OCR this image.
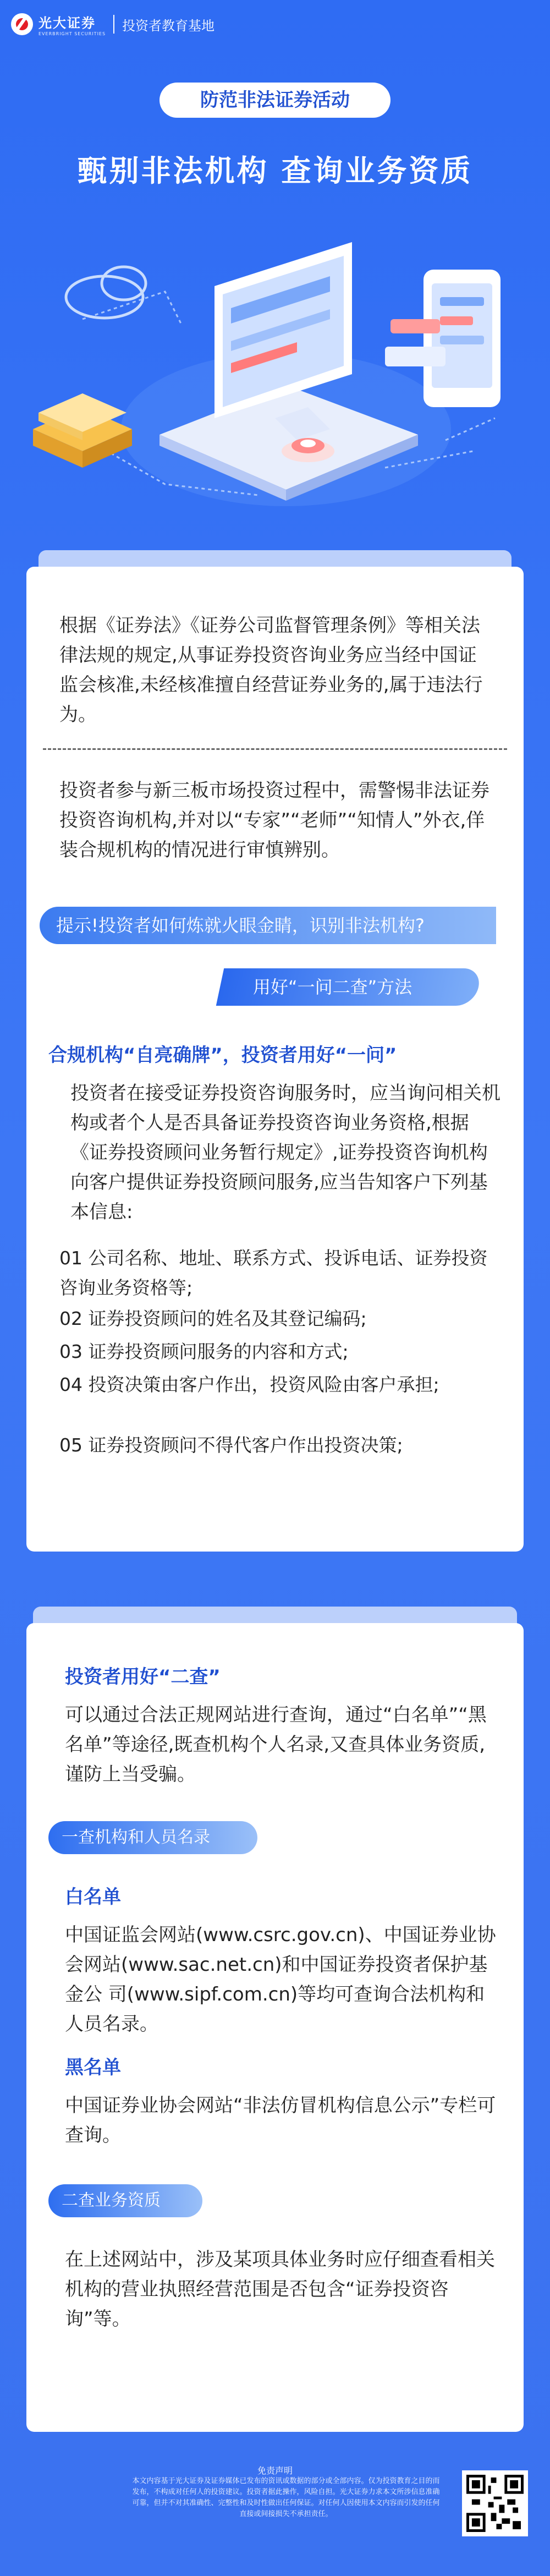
光大证券
EVERBRIGHT SECURITIES
投资者教育基地
防范非法证券活动
甄别非法机构 查询业务资质
根据《证券法》《证券公司监督管理条例》等相关法律法规的规定,从事证券投资咨询业务应当经中国证监会核准,未经核准擅自经营证券业务的,属于违法行为。
投资者参与新三板市场投资过程中，需警惕非法证券投资咨询机构,并对以“专家”“老师”“知情人”外衣,佯装合规机构的情况进行审慎辨别。
合规机构“自亮确牌”，投资者用好“一问”
投资者在接受证券投资咨询服务时，应当询问相关机构或者个人是否具备证券投资咨询业务资格,根据《证券投资顾问业务暂行规定》,证券投资咨询机构向客户提供证券投资顾问服务,应当告知客户下列基本信息:
01 公司名称、地址、联系方式、投诉电话、证券投资咨询业务资格等;
02 证券投资顾问的姓名及其登记编码;
03 证券投资顾问服务的内容和方式;
04 投资决策由客户作出，投资风险由客户承担;
05 证券投资顾问不得代客户作出投资决策;
提示!投资者如何炼就火眼金睛，识别非法机构?
用好“一问二查”方法
投资者用好“二查”
可以通过合法正规网站进行查询，通过“白名单”“黑名单”等途径,既查机构个人名录,又查具体业务资质,谨防上当受骗。
一查机构和人员名录
白名单
中国证监会网站(www.csrc.gov.cn)、中国证券业协会网站(www.sac.net.cn)和中国证券投资者保护基金公 司(www.sipf.com.cn)等均可查询合法机构和人员名录。
黑名单
中国证券业协会网站“非法仿冒机构信息公示”专栏可查询。
二查业务资质
在上述网站中，涉及某项具体业务时应仔细查看相关机构的营业执照经营范围是否包含“证券投资咨询”等。
免责声明
本文内容基于光大证券及证券媒体已发布的资讯或数据的部分或全部内容。仅为投资教育之目的而发布，不构成对任何人的投资建议。投资者据此操作，风险自担。光大证券力求本文所涉信息准确可靠，但并不对其准确性、完整性和及时性做出任何保证。对任何人因使用本文内容而引发的任何直接或间接损失不承担责任。
